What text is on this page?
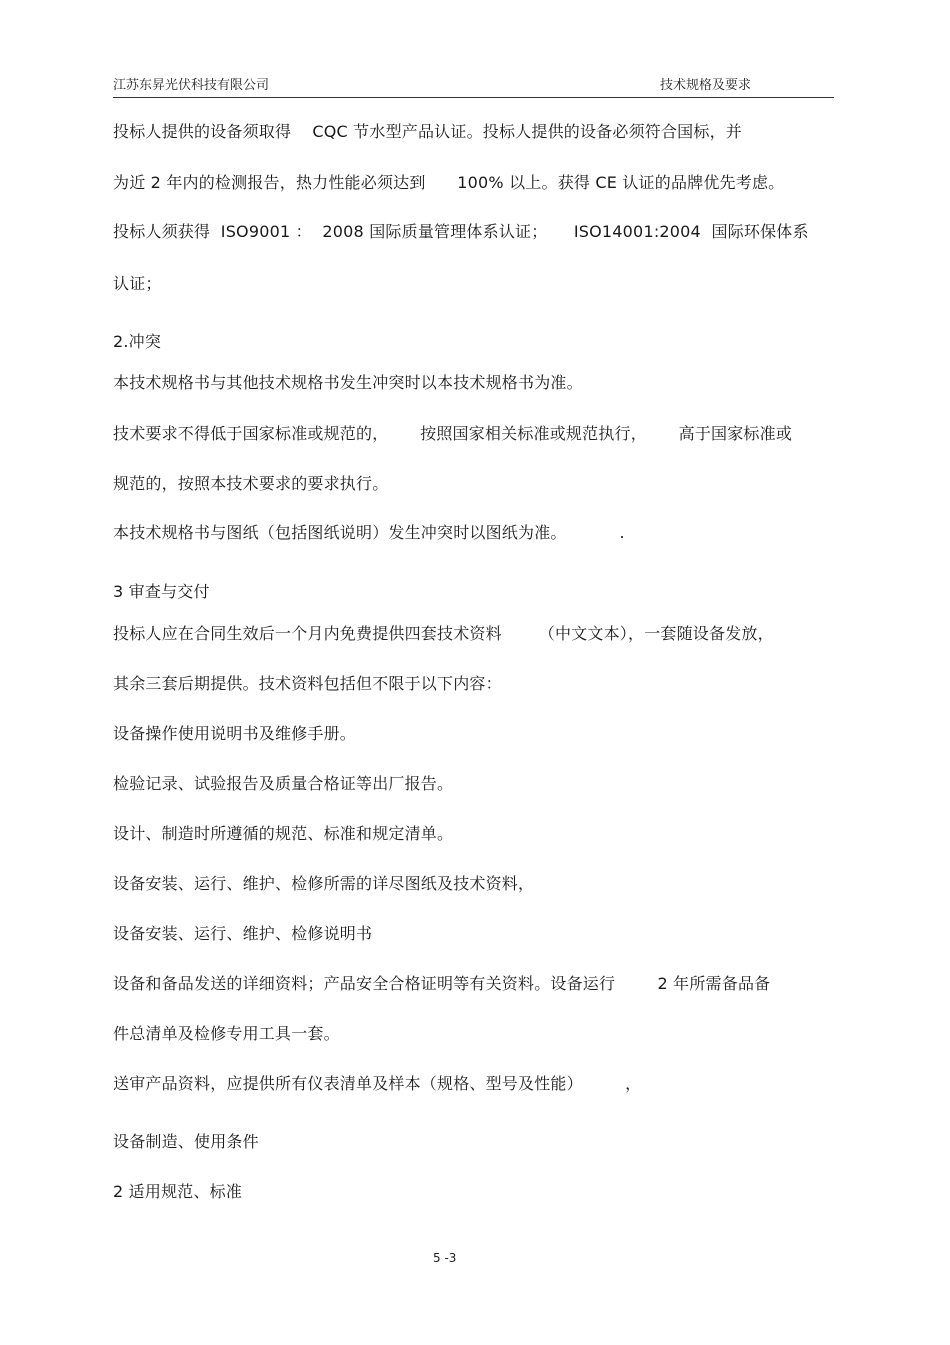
江苏东昇光伏科技有限公司	技术规格及要求
投标人提供的设备须取得    CQC 节水型产品认证。投标人提供的设备必须符合国标，并
为近 2 年内的检测报告，热力性能必须达到      100% 以上。获得 CE 认证的品牌优先考虑。
投标人须获得  ISO9001 ：  2008 国际质量管理体系认证；     ISO14001:2004  国际环保体系
认证；
2.冲突
本技术规格书与其他技术规格书发生冲突时以本技术规格书为准。
技术要求不得低于国家标准或规范的，      按照国家相关标准或规范执行，      高于国家标准或
规范的，按照本技术要求的要求执行。
本技术规格书与图纸（包括图纸说明）发生冲突时以图纸为准。          .
3 审查与交付
投标人应在合同生效后一个月内免费提供四套技术资料       （中文文本），一套随设备发放，
其余三套后期提供。技术资料包括但不限于以下内容：
设备操作使用说明书及维修手册。
检验记录、试验报告及质量合格证等出厂报告。
设计、制造时所遵循的规范、标准和规定清单。
设备安装、运行、维护、检修所需的详尽图纸及技术资料，
设备安装、运行、维护、检修说明书
设备和备品发送的详细资料；产品安全合格证明等有关资料。设备运行        2 年所需备品备
件总清单及检修专用工具一套。
送审产品资料，应提供所有仪表清单及样本（规格、型号及性能）        ，
设备制造、使用条件
2 适用规范、标准
5 -3
